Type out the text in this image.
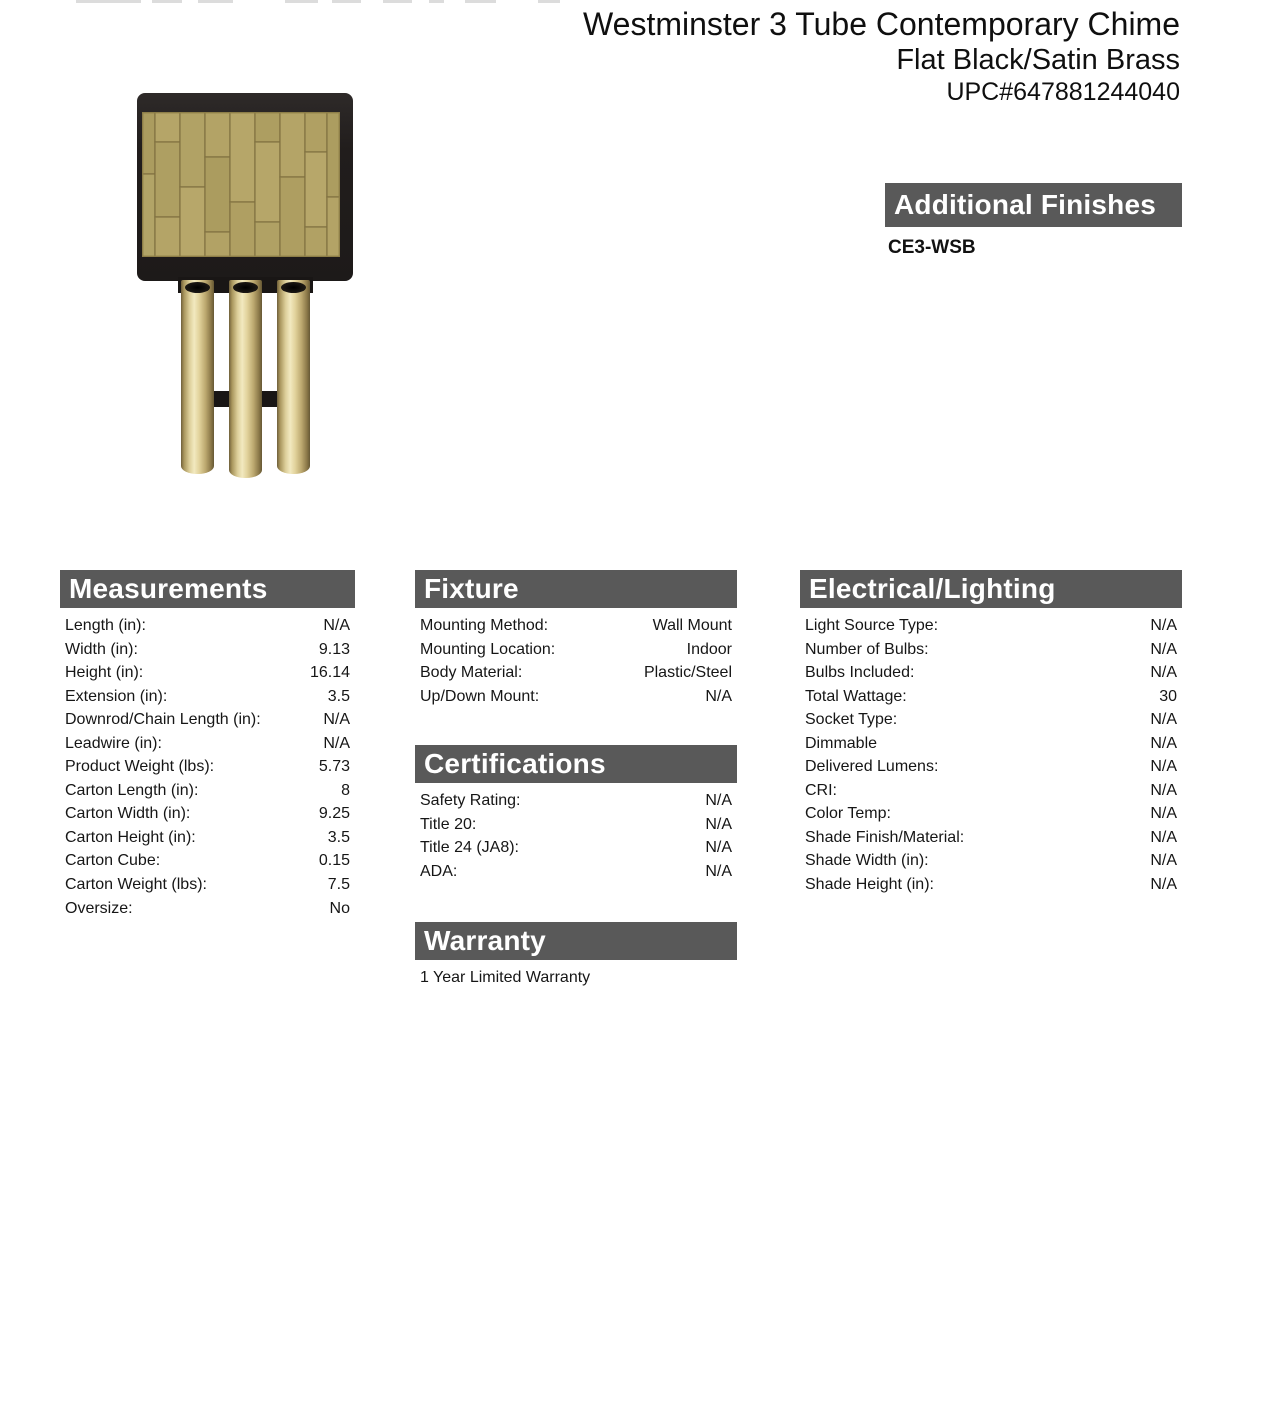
Westminster 3 Tube Contemporary Chime
Flat Black/Satin Brass
UPC#647881244040
Additional Finishes
CE3-WSB
Measurements
Length (in):	N/A
Width (in):	9.13
Height (in):	16.14
Extension (in):	3.5
Downrod/Chain Length (in):	N/A
Leadwire (in):	N/A
Product Weight (lbs):	5.73
Carton Length (in):	8
Carton Width (in):	9.25
Carton Height (in):	3.5
Carton Cube:	0.15
Carton Weight (lbs):	7.5
Oversize:	No
Fixture
Mounting Method:	Wall Mount
Mounting Location:	Indoor
Body Material:	Plastic/Steel
Up/Down Mount:	N/A
Certifications
Safety Rating:	N/A
Title 20:	N/A
Title 24 (JA8):	N/A
ADA:	N/A
Warranty
1 Year Limited Warranty
Electrical/Lighting
Light Source Type:	N/A
Number of Bulbs:	N/A
Bulbs Included:	N/A
Total Wattage:	30
Socket Type:	N/A
Dimmable	N/A
Delivered Lumens:	N/A
CRI:	N/A
Color Temp:	N/A
Shade Finish/Material:	N/A
Shade Width (in):	N/A
Shade Height (in):	N/A
